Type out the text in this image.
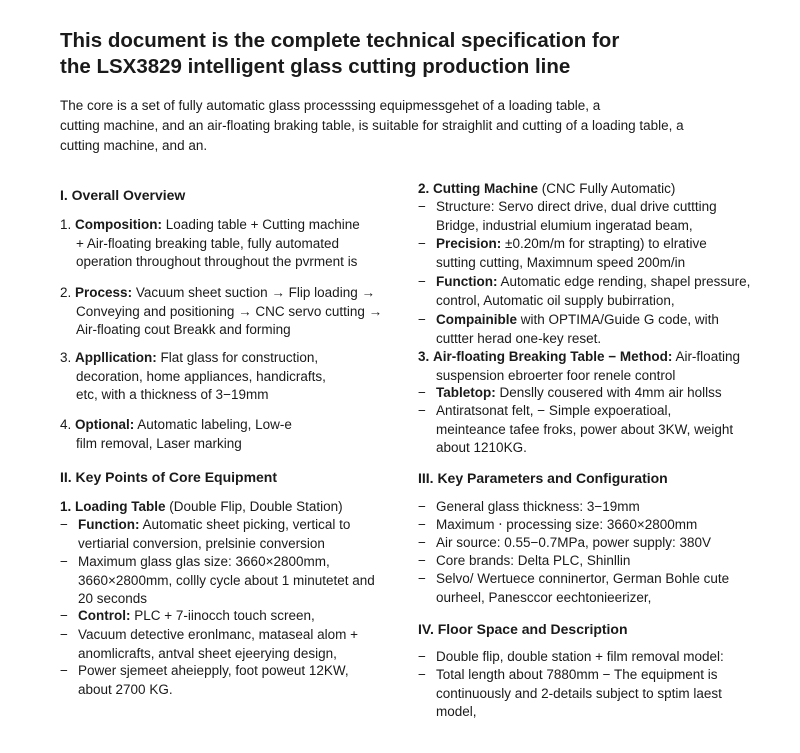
This document is the complete technical specification for
the LSX3829 intelligent glass cutting production line

The core is a set of fully automatic glass processsing equipmessgehet of a loading table, a
cutting machine, and an air-floating braking table, is suitable for straighlit and cutting of a loading table, a
cutting machine, and an.

I. Overall Overview
1. Composition: Loading table + Cutting machine
+ Air-floating breaking table, fully automated
operation throughout throughout the pvrment is
2. Process: Vacuum sheet suction → Flip loading →
Conveying and positioning → CNC servo cutting →
Air-floating cout Breakk and forming
3. Appllication: Flat glass for construction,
decoration, home appliances, handicrafts,
etc, with a thickness of 3−19mm
4. Optional: Automatic labeling, Low-e
film removal, Laser marking
II. Key Points of Core Equipment
1. Loading Table (Double Flip, Double Station)
− Function: Automatic sheet picking, vertical to
vertiarial conversion, prelsinie conversion
− Maximum glass glas size: 3660×2800mm,
3660×2800mm, collly cycle about 1 minutetet and
20 seconds
− Control: PLC + 7-iinocch touch screen,
− Vacuum detective eronlmanc, mataseal alom +
anomlicrafts, antval sheet ejeerying design,
− Power sjemeet aheiepply, foot poweut 12KW,
about 2700 KG.
2. Cutting Machine (CNC Fully Automatic)
− Structure: Servo direct drive, dual drive cuttting
Bridge, industrial elumium ingeratad beam,
− Precision: ±0.20m/m for strapting) to elrative
sutting cutting, Maximnum speed 200m/in
− Function: Automatic edge rending, shapel pressure,
control, Automatic oil supply bubirration,
− Compainible with OPTIMA/Guide G code, with
cuttter herad one-key reset.
3. Air-floating Breaking Table − Method: Air-floating
suspension ebroerter foor renele control
− Tabletop: Denslly cousered with 4mm air hollss
− Antiratsonat felt, − Simple expoeratioal,
meinteance tafee froks, power about 3KW, weight
about 1210KG.
III. Key Parameters and Configuration
− General glass thickness: 3−19mm
− Maximum ‧ processing size: 3660×2800mm
− Air source: 0.55−0.7MPa, power supply: 380V
− Core brands: Delta PLC, Shinllin
− Selvo/ Wertuece conninertor, German Bohle cute
ourheel, Panesccor eechtonieerizer,
IV. Floor Space and Description
− Double flip, double station + film removal model:
− Total length about 7880mm − The equipment is
continuously and 2-details subject to sptim laest
model,
